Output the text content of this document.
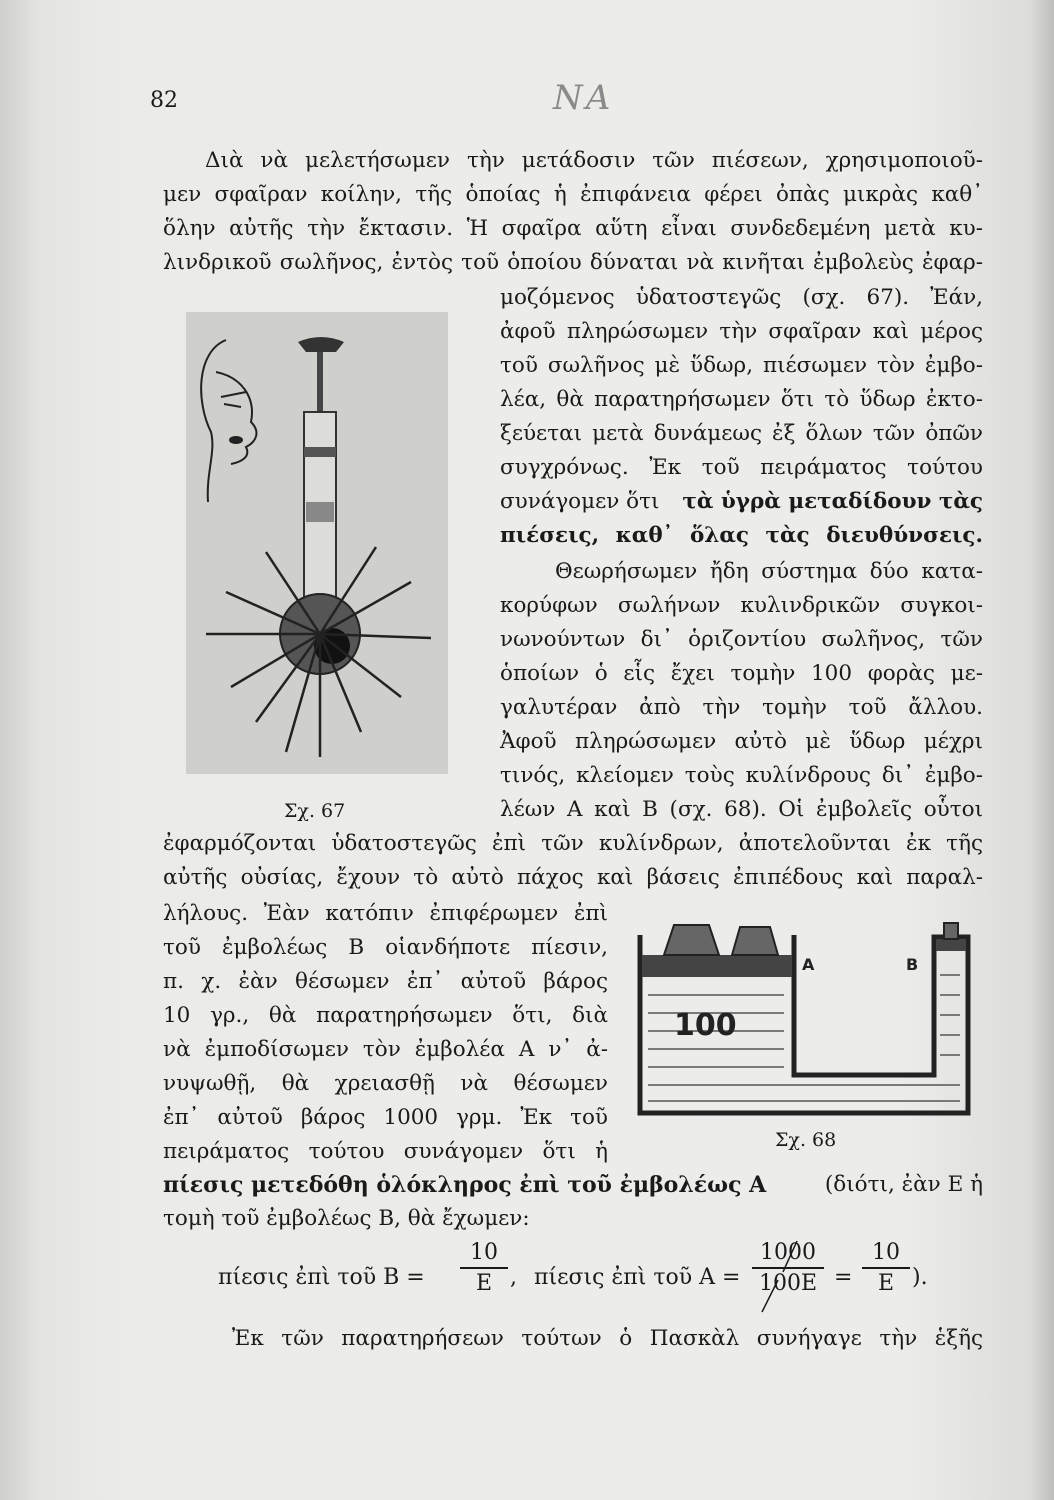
82	NA
Διὰ νὰ μελετήσωμεν τὴν μετάδοσιν τῶν πιέσεων, χρησιμοποιοῦ-
μεν σφαῖραν κοίλην, τῆς ὁποίας ἡ ἐπιφάνεια φέρει ὀπὰς μικρὰς καθ᾽
ὅλην αὐτῆς τὴν ἔκτασιν. Ἡ σφαῖρα αὕτη εἶναι συνδεδεμένη μετὰ κυ-
λινδρικοῦ σωλῆνος, ἐντὸς τοῦ ὁποίου δύναται νὰ κινῆται ἐμβολεὺς ἐφαρ-
μοζόμενος ὑδατοστεγῶς (σχ. 67). Ἐάν,
ἀφοῦ πληρώσωμεν τὴν σφαῖραν καὶ μέρος
τοῦ σωλῆνος μὲ ὕδωρ, πιέσωμεν τὸν ἐμβο-
λέα, θὰ παρατηρήσωμεν ὅτι τὸ ὕδωρ ἐκτο-
ξεύεται μετὰ δυνάμεως ἐξ ὅλων τῶν ὀπῶν
συγχρόνως. Ἐκ τοῦ πειράματος τούτου
συνάγομεν ὅτι	τὰ ὑγρὰ μεταδίδουν τὰς
πιέσεις, καθ᾽ ὅλας τὰς διευθύνσεις.
Θεωρήσωμεν ἤδη σύστημα δύο κατα-
κορύφων σωλήνων κυλινδρικῶν συγκοι-
νωνούντων δι᾽ ὁριζοντίου σωλῆνος, τῶν
ὁποίων ὁ εἷς ἔχει τομὴν 100 φορὰς με-
γαλυτέραν ἀπὸ τὴν τομὴν τοῦ ἄλλου.
Ἀφοῦ πληρώσωμεν αὐτὸ μὲ ὕδωρ μέχρι
τινός, κλείομεν τοὺς κυλίνδρους δι᾽ ἐμβο-
λέων Α καὶ Β (σχ. 68). Οἱ ἐμβολεῖς οὗτοι
ἐφαρμόζονται ὑδατοστεγῶς ἐπὶ τῶν κυλίνδρων, ἀποτελοῦνται ἐκ τῆς
αὐτῆς οὐσίας, ἔχουν τὸ αὐτὸ πάχος καὶ βάσεις ἐπιπέδους καὶ παραλ-
λήλους. Ἐὰν κατόπιν ἐπιφέρωμεν ἐπὶ
τοῦ ἐμβολέως Β οἱανδήποτε πίεσιν,
π. χ. ἐὰν θέσωμεν ἐπ᾽ αὐτοῦ βάρος
10 γρ., θὰ παρατηρήσωμεν ὅτι, διὰ
νὰ ἐμποδίσωμεν τὸν ἐμβολέα Α ν᾽ ἀ-
νυψωθῇ, θὰ χρειασθῇ νὰ θέσωμεν
ἐπ᾽ αὐτοῦ βάρος 1000 γρμ. Ἐκ τοῦ
πειράματος τούτου συνάγομεν ὅτι ἡ
πίεσις μετεδόθη ὁλόκληρος ἐπὶ τοῦ ἐμβολέως Α	(διότι, ἐὰν Ε ἡ
τομὴ τοῦ ἐμβολέως Β, θὰ ἔχωμεν:
πίεσις ἐπὶ τοῦ Β =
10
Ε , πίεσις ἐπὶ τοῦ Α =
1000
100Ε =
10
Ε ).
Ἐκ τῶν παρατηρήσεων τούτων ὁ Πασκὰλ συνήγαγε τὴν ἑξῆς
Σχ. 67
100
Α	Β
Σχ. 68
